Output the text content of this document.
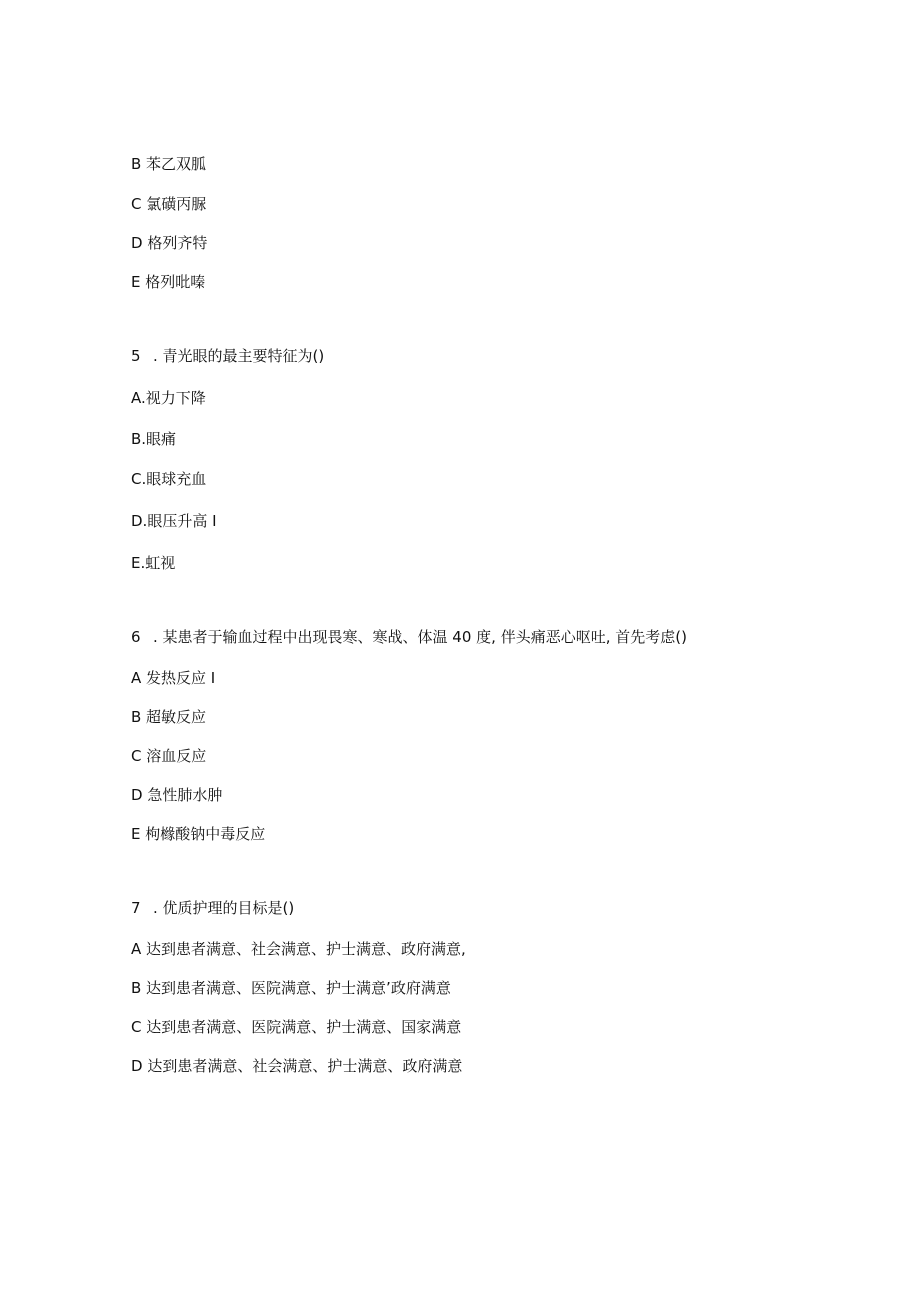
B 苯乙双胍
C 氯磺丙脲
D 格列齐特
E 格列吡嗪
5 . 青光眼的最主要特征为()
A.视力下降
B.眼痛
C.眼球充血
D.眼压升高 I
E.虹视
6 . 某患者于输血过程中出现畏寒、寒战、体温 40 度, 伴头痛恶心呕吐, 首先考虑()
A 发热反应 I
B 超敏反应
C 溶血反应
D 急性肺水肿
E 枸橼酸钠中毒反应
7 . 优质护理的目标是()
A 达到患者满意、社会满意、护士满意、政府满意,
B 达到患者满意、医院满意、护士满意’政府满意
C 达到患者满意、医院满意、护士满意、国家满意
D 达到患者满意、社会满意、护士满意、政府满意
